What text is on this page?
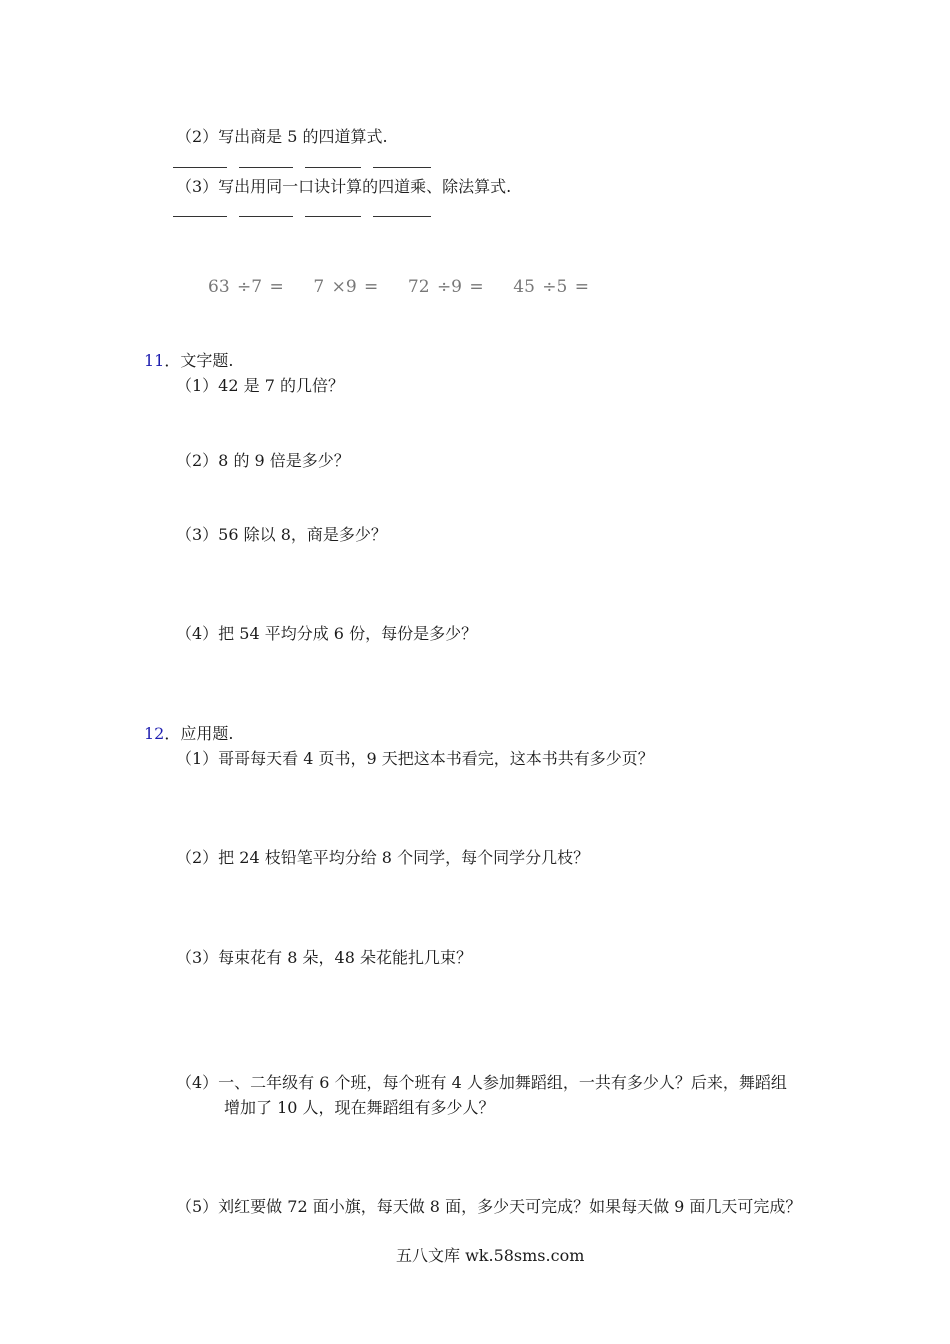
（2）写出商是 5 的四道算式.
（3）写出用同一口诀计算的四道乘、除法算式.
63 ÷7 =    7 ×9 =    72 ÷9 =    45 ÷5 =
11．文字题.
（1）42 是 7 的几倍？
（2）8 的 9 倍是多少？
（3）56 除以 8，商是多少？
（4）把 54 平均分成 6 份，每份是多少？
12．应用题.
（1）哥哥每天看 4 页书，9 天把这本书看完，这本书共有多少页？
（2）把 24 枝铅笔平均分给 8 个同学，每个同学分几枝？
（3）每束花有 8 朵，48 朵花能扎几束？
（4）一、二年级有 6 个班，每个班有 4 人参加舞蹈组，一共有多少人？后来，舞蹈组
增加了 10 人，现在舞蹈组有多少人？
（5）刘红要做 72 面小旗，每天做 8 面，多少天可完成？如果每天做 9 面几天可完成？
五八文库 wk.58sms.com
